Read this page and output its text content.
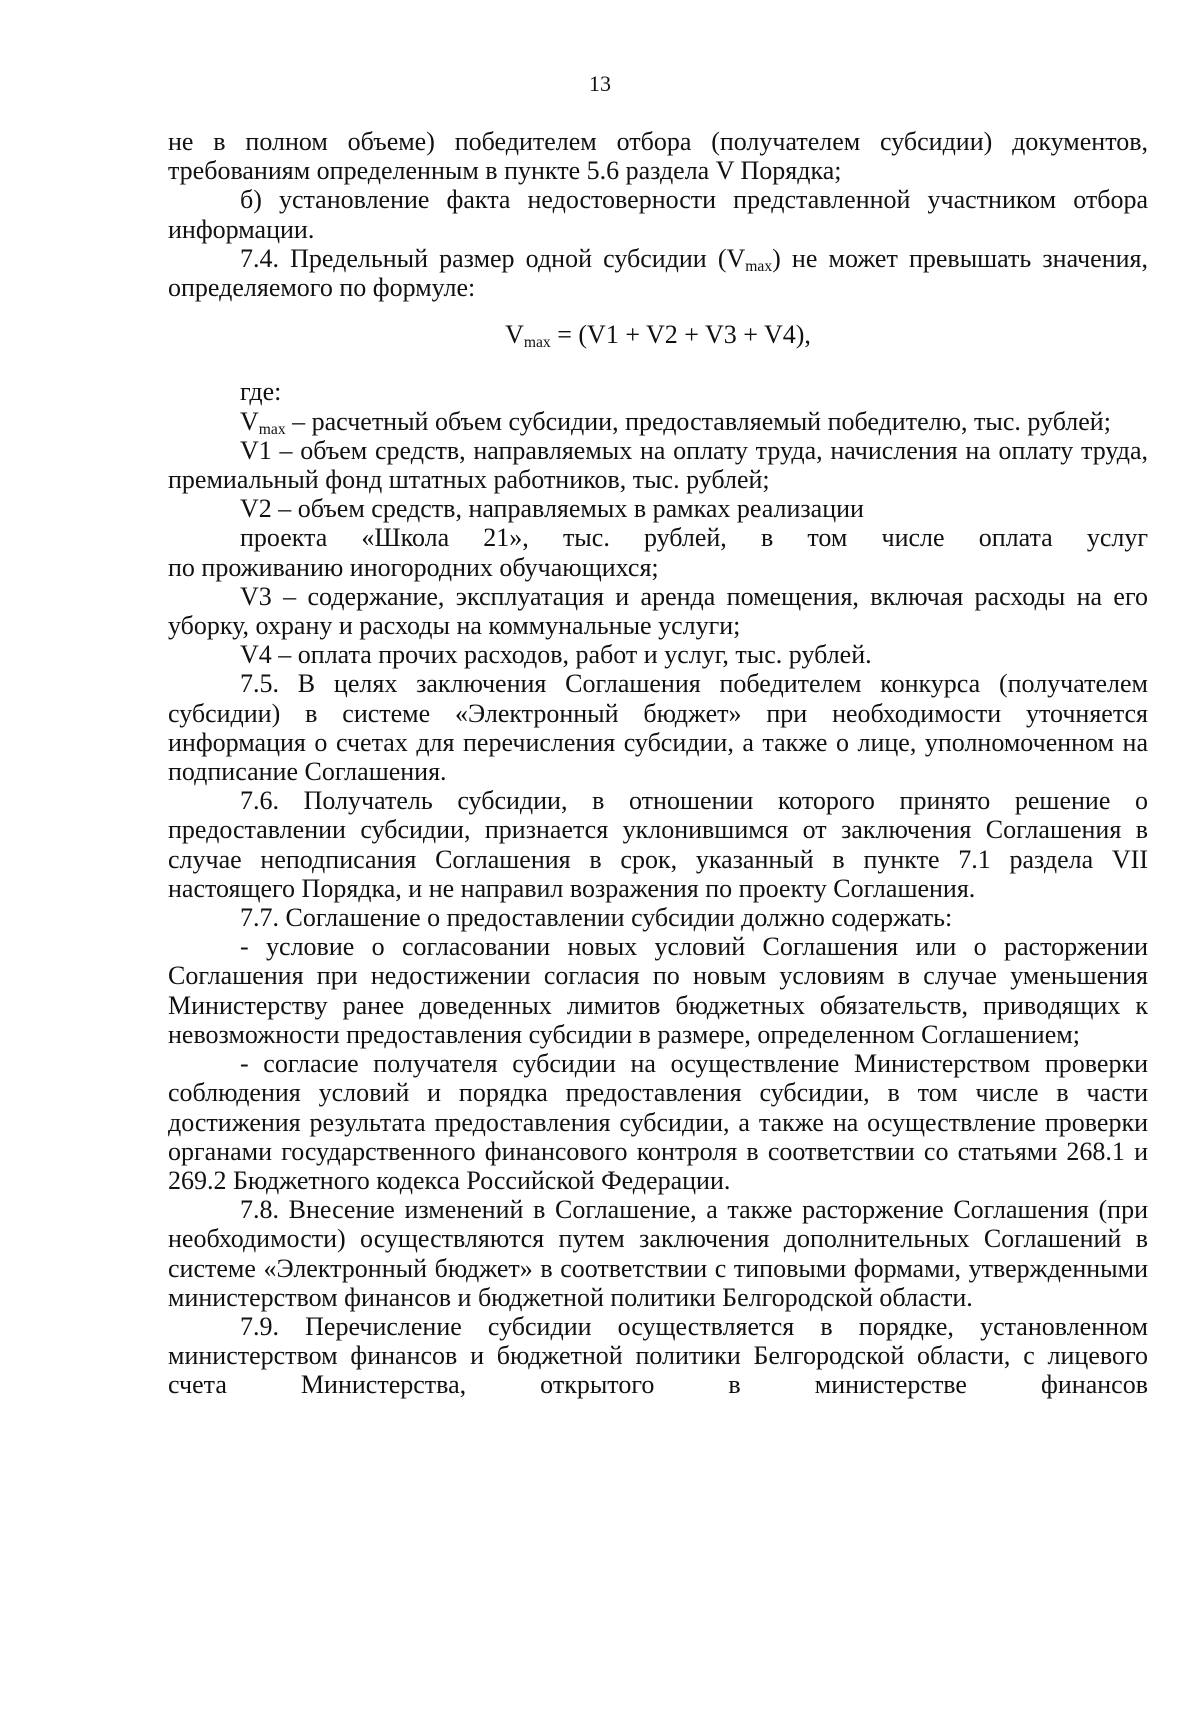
13

не в полном объеме) победителем отбора (получателем субсидии) документов, требованиям определенным в пункте 5.6 раздела V Порядка;

б) установление факта недостоверности представленной участником отбора информации.

7.4. Предельный размер одной субсидии $(V_{max})$ не может превышать значения, определяемого по формуле:

$V_{max} = (V1 + V2 + V3 + V4)$,

где:

$V_{max}$ – расчетный объем субсидии, предоставляемый победителю, тыс. рублей;

V1 – объем средств, направляемых на оплату труда, начисления на оплату труда, премиальный фонд штатных работников, тыс. рублей;

V2 – объем средств, направляемых в рамках реализации

проекта «Школа 21», тыс. рублей, в том числе оплата услуг

по проживанию иногородних обучающихся;

V3 – содержание, эксплуатация и аренда помещения, включая расходы на его уборку, охрану и расходы на коммунальные услуги;

V4 – оплата прочих расходов, работ и услуг, тыс. рублей.

7.5. В целях заключения Соглашения победителем конкурса (получателем субсидии) в системе «Электронный бюджет» при необходимости уточняется информация о счетах для перечисления субсидии, а также о лице, уполномоченном на подписание Соглашения.

7.6. Получатель субсидии, в отношении которого принято решение о предоставлении субсидии, признается уклонившимся от заключения Соглашения в случае неподписания Соглашения в срок, указанный в пункте 7.1 раздела VII настоящего Порядка, и не направил возражения по проекту Соглашения.

7.7. Соглашение о предоставлении субсидии должно содержать:

- условие о согласовании новых условий Соглашения или о расторжении Соглашения при недостижении согласия по новым условиям в случае уменьшения Министерству ранее доведенных лимитов бюджетных обязательств, приводящих к невозможности предоставления субсидии в размере, определенном Соглашением;

- согласие получателя субсидии на осуществление Министерством проверки соблюдения условий и порядка предоставления субсидии, в том числе в части достижения результата предоставления субсидии, а также на осуществление проверки органами государственного финансового контроля в соответствии со статьями 268.1 и 269.2 Бюджетного кодекса Российской Федерации.

7.8. Внесение изменений в Соглашение, а также расторжение Соглашения (при необходимости) осуществляются путем заключения дополнительных Соглашений в системе «Электронный бюджет» в соответствии с типовыми формами, утвержденными министерством финансов и бюджетной политики Белгородской области.

7.9. Перечисление субсидии осуществляется в порядке, установленном министерством финансов и бюджетной политики Белгородской области, с лицевого счета Министерства, открытого в министерстве финансов
